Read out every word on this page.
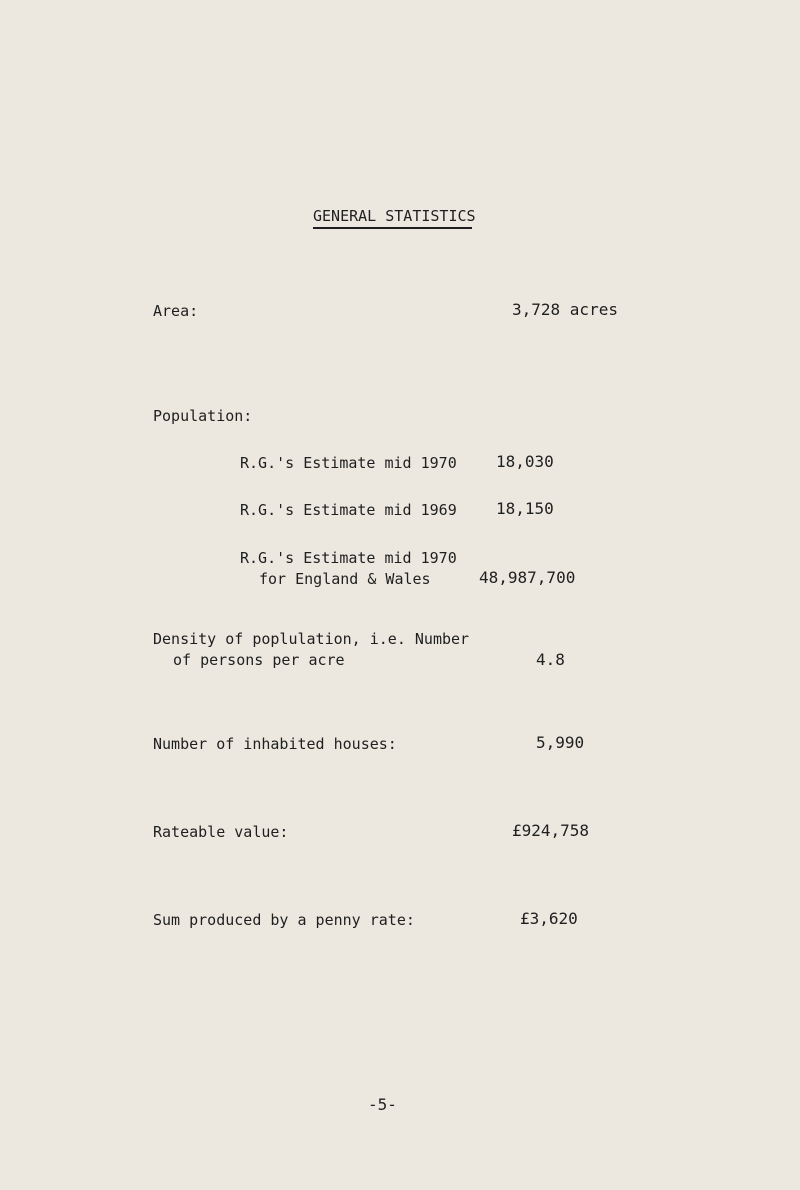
GENERAL STATISTICS
Area:	3,728 acres
Population:
R.G.'s Estimate mid 1970 18,030
R.G.'s Estimate mid 1969 18,150
R.G.'s Estimate mid 1970
for England & Wales	48,987,700
Density of poplulation, i.e. Number
of persons per acre	4.8
Number of inhabited houses:	5,990
Rateable value:	£924,758
Sum produced by a penny rate:	£3,620
-5-
